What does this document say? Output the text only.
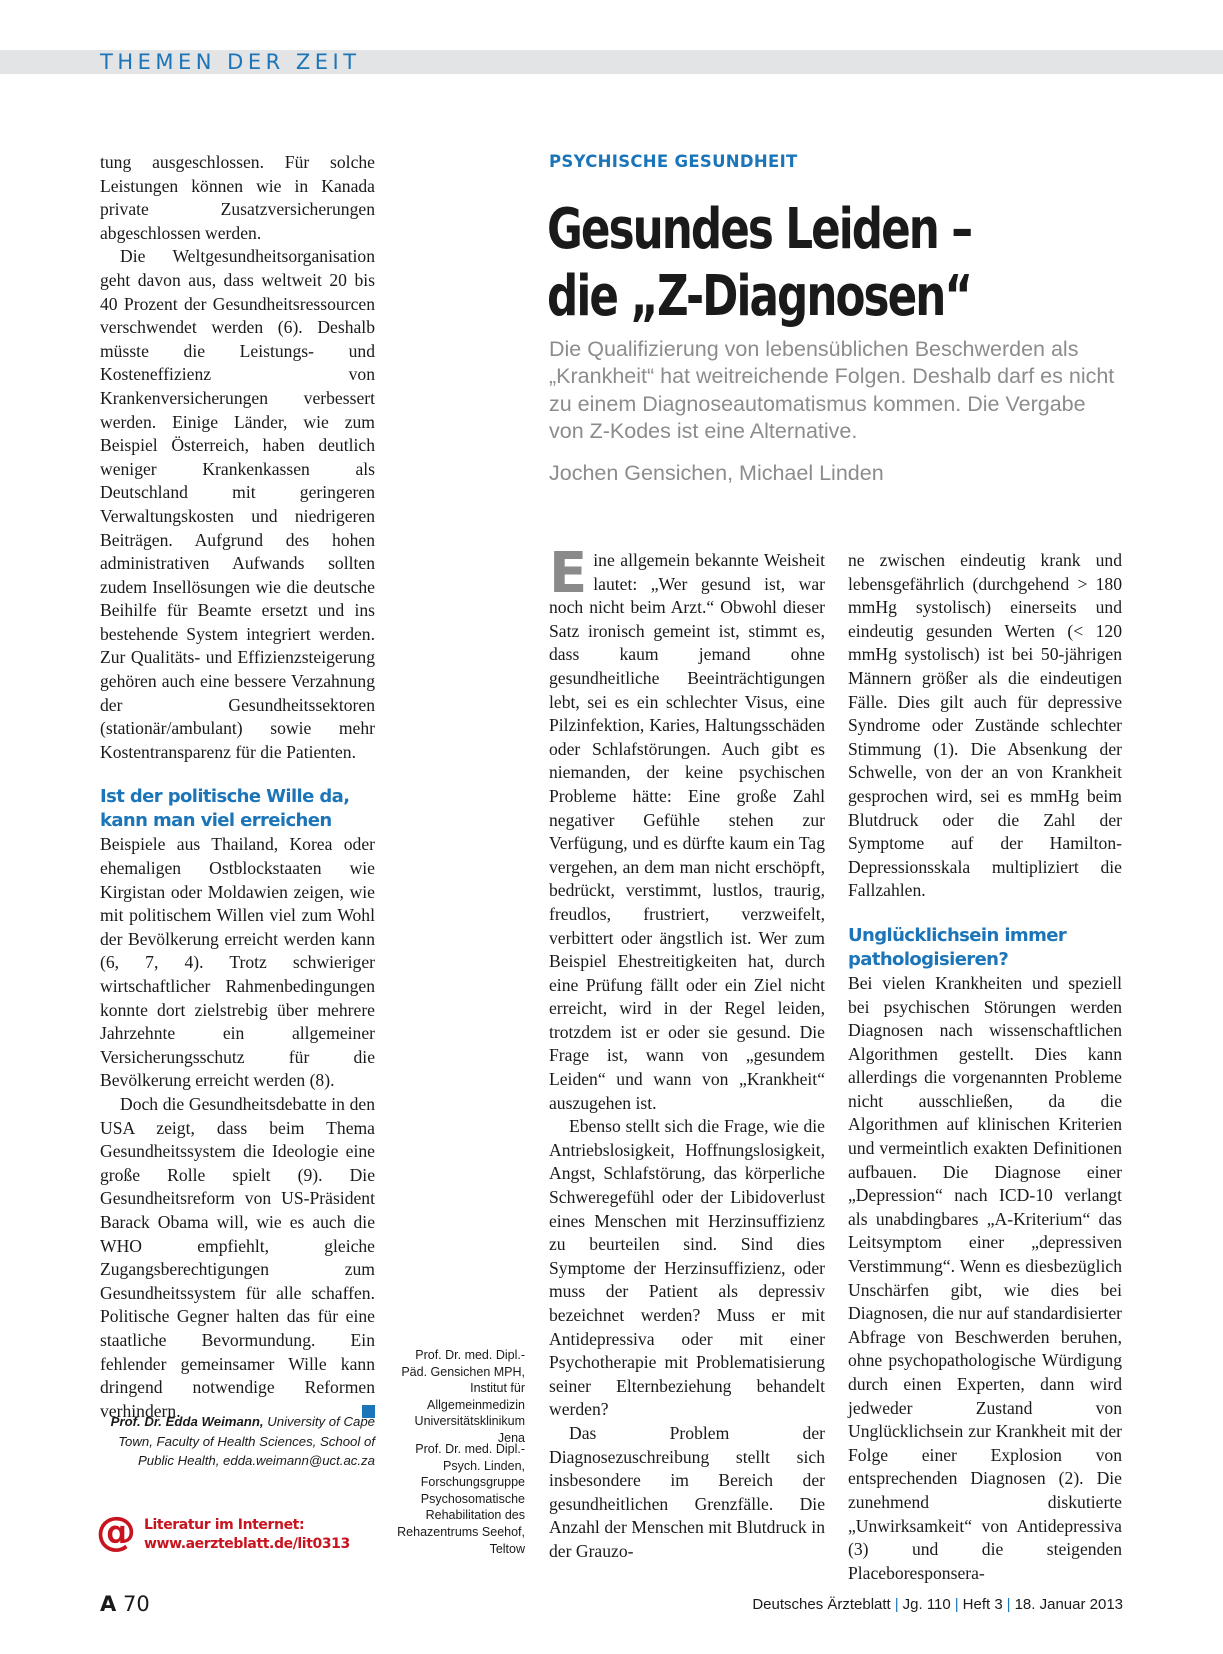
THEMEN DER ZEIT

tung ausgeschlossen. Für solche Leistungen können wie in Kanada private Zusatzversicherungen abgeschlossen werden.

Die Weltgesundheitsorganisation geht davon aus, dass weltweit 20 bis 40 Prozent der Gesundheitsressourcen verschwendet werden (6). Deshalb müsste die Leistungs- und Kosteneffizienz von Krankenversicherungen verbessert werden. Einige Länder, wie zum Beispiel Österreich, haben deutlich weniger Krankenkassen als Deutschland mit geringeren Verwaltungskosten und niedrigeren Beiträgen. Aufgrund des hohen administrativen Aufwands sollten zudem Insellösungen wie die deutsche Beihilfe für Beamte ersetzt und ins bestehende System integriert werden. Zur Qualitäts- und Effizienzsteigerung gehören auch eine bessere Verzahnung der Gesundheitssektoren (stationär/ambulant) sowie mehr Kostentransparenz für die Patienten.

Ist der politische Wille da,
kann man viel erreichen

Beispiele aus Thailand, Korea oder ehemaligen Ostblockstaaten wie Kirgistan oder Moldawien zeigen, wie mit politischem Willen viel zum Wohl der Bevölkerung erreicht werden kann (6, 7, 4). Trotz schwieriger wirtschaftlicher Rahmenbedingungen konnte dort zielstrebig über mehrere Jahrzehnte ein allgemeiner Versicherungsschutz für die Bevölkerung erreicht werden (8).

Doch die Gesundheitsdebatte in den USA zeigt, dass beim Thema Gesundheitssystem die Ideologie eine große Rolle spielt (9). Die Gesundheitsreform von US-Präsident Barack Obama will, wie es auch die WHO empfiehlt, gleiche Zugangsberechtigungen zum Gesundheitssystem für alle schaffen. Politische Gegner halten das für eine staatliche Bevormundung. Ein fehlender gemeinsamer Wille kann dringend notwendige Reformen verhindern.

Prof. Dr. Edda Weimann, University of Cape Town, Faculty of Health Sciences, School of Public Health, edda.weimann@uct.ac.za
@ Literatur im Internet:
www.aerzteblatt.de/lit0313
Prof. Dr. med. Dipl.-Päd. Gensichen MPH, Institut für Allgemeinmedizin Universitätsklinikum Jena
Prof. Dr. med. Dipl.-Psych. Linden, Forschungsgruppe Psychosomatische Rehabilitation des Rehazentrums Seehof, Teltow
PSYCHISCHE GESUNDHEIT
Gesundes Leiden –
die „Z-Diagnosen“
Die Qualifizierung von lebensüblichen Beschwerden als „Krankheit“ hat weitreichende Folgen. Deshalb darf es nicht zu einem Diagnoseautomatismus kommen. Die Vergabe von Z-Kodes ist eine Alternative.
Jochen Gensichen, Michael Linden

Eine allgemein bekannte Weisheit lautet: „Wer gesund ist, war noch nicht beim Arzt.“ Obwohl dieser Satz ironisch gemeint ist, stimmt es, dass kaum jemand ohne gesundheitliche Beeinträchtigungen lebt, sei es ein schlechter Visus, eine Pilzinfektion, Karies, Haltungsschäden oder Schlafstörungen. Auch gibt es niemanden, der keine psychischen Probleme hätte: Eine große Zahl negativer Gefühle stehen zur Verfügung, und es dürfte kaum ein Tag vergehen, an dem man nicht erschöpft, bedrückt, verstimmt, lustlos, traurig, freudlos, frustriert, verzweifelt, verbittert oder ängstlich ist. Wer zum Beispiel Ehestreitigkeiten hat, durch eine Prüfung fällt oder ein Ziel nicht erreicht, wird in der Regel leiden, trotzdem ist er oder sie gesund. Die Frage ist, wann von „gesundem Leiden“ und wann von „Krankheit“ auszugehen ist.

Ebenso stellt sich die Frage, wie die Antriebslosigkeit, Hoffnungslosigkeit, Angst, Schlafstörung, das körperliche Schweregefühl oder der Libidoverlust eines Menschen mit Herzinsuffizienz zu beurteilen sind. Sind dies Symptome der Herzinsuffizienz, oder muss der Patient als depressiv bezeichnet werden? Muss er mit Antidepressiva oder mit einer Psychotherapie mit Problematisierung seiner Elternbeziehung behandelt werden?

Das Problem der Diagnosezuschreibung stellt sich insbesondere im Bereich der gesundheitlichen Grenzfälle. Die Anzahl der Menschen mit Blutdruck in der Grauzo-

ne zwischen eindeutig krank und lebensgefährlich (durchgehend > 180 mmHg systolisch) einerseits und eindeutig gesunden Werten (< 120 mmHg systolisch) ist bei 50-jährigen Männern größer als die eindeutigen Fälle. Dies gilt auch für depressive Syndrome oder Zustände schlechter Stimmung (1). Die Absenkung der Schwelle, von der an von Krankheit gesprochen wird, sei es mmHg beim Blutdruck oder die Zahl der Symptome auf der Hamilton-Depressionsskala multipliziert die Fallzahlen.

Unglücklichsein immer
pathologisieren?

Bei vielen Krankheiten und speziell bei psychischen Störungen werden Diagnosen nach wissenschaftlichen Algorithmen gestellt. Dies kann allerdings die vorgenannten Probleme nicht ausschließen, da die Algorithmen auf klinischen Kriterien und vermeintlich exakten Definitionen aufbauen. Die Diagnose einer „Depression“ nach ICD-10 verlangt als unabdingbares „A-Kriterium“ das Leitsymptom einer „depressiven Verstimmung“. Wenn es diesbezüglich Unschärfen gibt, wie dies bei Diagnosen, die nur auf standardisierter Abfrage von Beschwerden beruhen, ohne psychopathologische Würdigung durch einen Experten, dann wird jedweder Zustand von Unglücklichsein zur Krankheit mit der Folge einer Explosion von entsprechenden Diagnosen (2). Die zunehmend diskutierte „Unwirksamkeit“ von Antidepressiva (3) und die steigenden Placeboresponsera-

A 70	Deutsches Ärzteblatt | Jg. 110 | Heft 3 | 18. Januar 2013
